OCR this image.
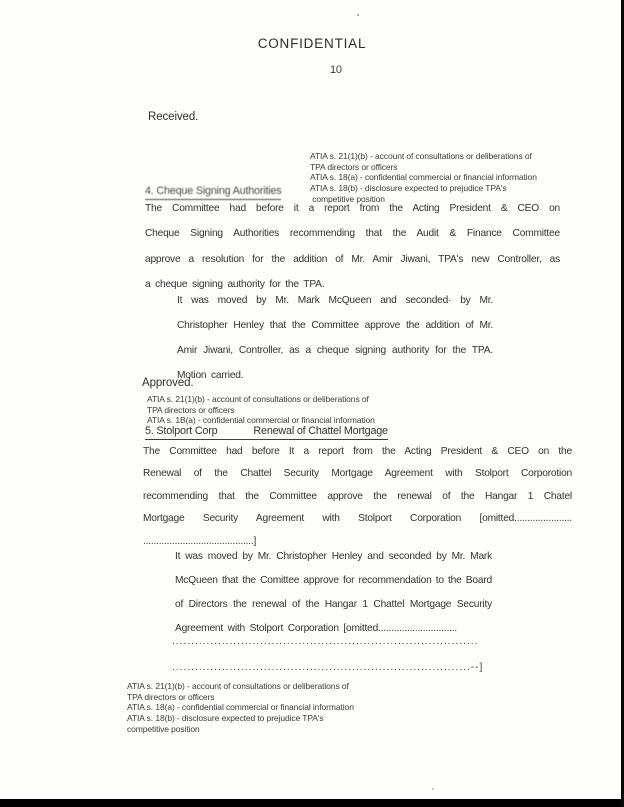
CONFIDENTIAL
10
Received.
ATIA s. 21(1)(b) - account of consultations or deliberations of
TPA directors or officers
ATIA s. 18(a) - confidential commercial or financial information
ATIA s. 18(b) - disclosure expected to prejudice TPA's
competitive position
4. Cheque Signing Authorities
The Committee had before it a report from the Acting President & CEO on
Cheque Signing Authorities recommending that the Audit & Finance Committee
approve a resolution for the addition of Mr. Amir Jiwani, TPA's new Controller, as
a cheque signing authority for the TPA.
It was moved by Mr. Mark McQueen and seconded· by Mr.
Christopher Henley that the Committee approve the addition of Mr.
Amir Jiwani, Controller, as a cheque signing authority for the TPA.
Motion carried.
Approved.
ATIA s. 21(1)(b) - account of consultations or deliberations of
TPA directors or officers
ATIA s. 1B(a) - confidential commercial or financial information
5. Stolport Corp	Renewal of Chattel Mortgage
The Committee had before It a report from the Acting President & CEO on the
Renewal of the Chattel Security Mortgage Agreement with Stolport Corporotion
recommending that the Committee approve the renewal of the Hangar 1 Chatel
Mortgage Security Agreement with Stolport Corporation [omitted......................
..........................................]
It was moved by Mr. Christopher Henley and seconded by Mr. Mark
McQueen that the Comittee approve for recommendation to the Board
of Directors the renewal of the Hangar 1 Chattel Mortgage Security
Agreement with Stolport Corporation [omitted..............................
................................................................................
..............................................................................--]
ATIA s. 21(1)(b) - account of consultations or deliberations of
TPA directors or officers
ATIA s. 18(a) - confidential commercial or financial information
ATIA s. 18(b) - disclosure expected to prejudice TPA's
competitive position
